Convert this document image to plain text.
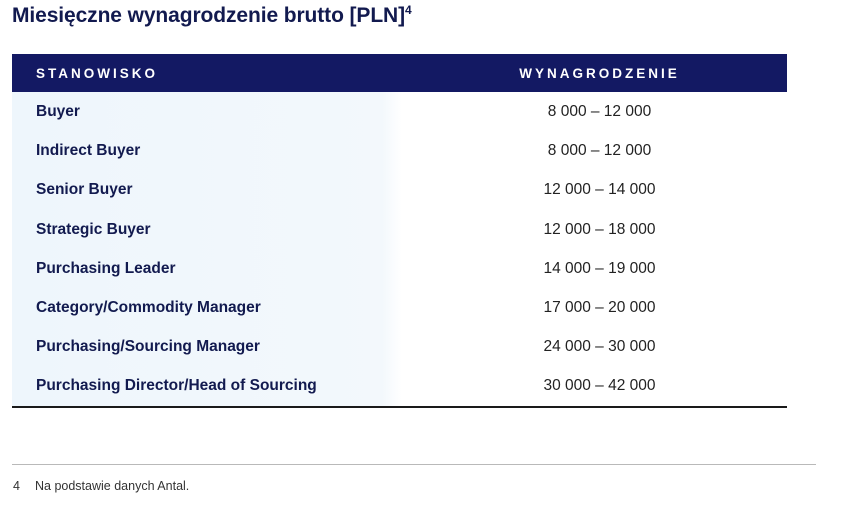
Miesięczne wynagrodzenie brutto [PLN]$^4$
STANOWISKO	WYNAGRODZENIE
Buyer	8 000 – 12 000
Indirect Buyer	8 000 – 12 000
Senior Buyer	12 000 – 14 000
Strategic Buyer	12 000 – 18 000
Purchasing Leader	14 000 – 19 000
Category/Commodity Manager	17 000 – 20 000
Purchasing/Sourcing Manager	24 000 – 30 000
Purchasing Director/Head of Sourcing	30 000 – 42 000
4 Na podstawie danych Antal.
